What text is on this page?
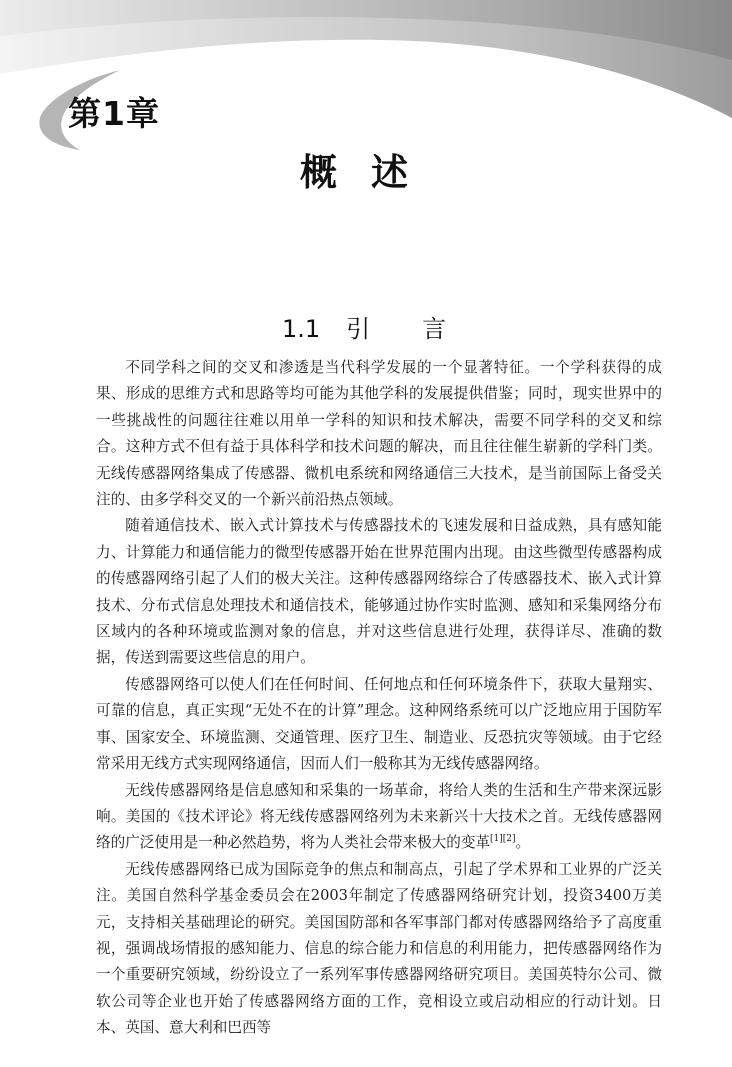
第1章
概述
1.1 引言

不同学科之间的交叉和渗透是当代科学发展的一个显著特征。一个学科获得的成果、形成的思维方式和思路等均可能为其他学科的发展提供借鉴；同时，现实世界中的一些挑战性的问题往往难以用单一学科的知识和技术解决，需要不同学科的交叉和综合。这种方式不但有益于具体科学和技术问题的解决，而且往往催生崭新的学科门类。无线传感器网络集成了传感器、微机电系统和网络通信三大技术，是当前国际上备受关注的、由多学科交叉的一个新兴前沿热点领域。

随着通信技术、嵌入式计算技术与传感器技术的飞速发展和日益成熟，具有感知能力、计算能力和通信能力的微型传感器开始在世界范围内出现。由这些微型传感器构成的传感器网络引起了人们的极大关注。这种传感器网络综合了传感器技术、嵌入式计算技术、分布式信息处理技术和通信技术，能够通过协作实时监测、感知和采集网络分布区域内的各种环境或监测对象的信息，并对这些信息进行处理，获得详尽、准确的数据，传送到需要这些信息的用户。

传感器网络可以使人们在任何时间、任何地点和任何环境条件下，获取大量翔实、可靠的信息，真正实现“无处不在的计算”理念。这种网络系统可以广泛地应用于国防军事、国家安全、环境监测、交通管理、医疗卫生、制造业、反恐抗灾等领域。由于它经常采用无线方式实现网络通信，因而人们一般称其为无线传感器网络。

无线传感器网络是信息感知和采集的一场革命，将给人类的生活和生产带来深远影响。美国的《技术评论》将无线传感器网络列为未来新兴十大技术之首。无线传感器网络的广泛使用是一种必然趋势，将为人类社会带来极大的变革[1][2]。

无线传感器网络已成为国际竞争的焦点和制高点，引起了学术界和工业界的广泛关注。美国自然科学基金委员会在2003年制定了传感器网络研究计划，投资3400万美元，支持相关基础理论的研究。美国国防部和各军事部门都对传感器网络给予了高度重视，强调战场情报的感知能力、信息的综合能力和信息的利用能力，把传感器网络作为一个重要研究领域，纷纷设立了一系列军事传感器网络研究项目。美国英特尔公司、微软公司等企业也开始了传感器网络方面的工作，竞相设立或启动相应的行动计划。日本、英国、意大利和巴西等
